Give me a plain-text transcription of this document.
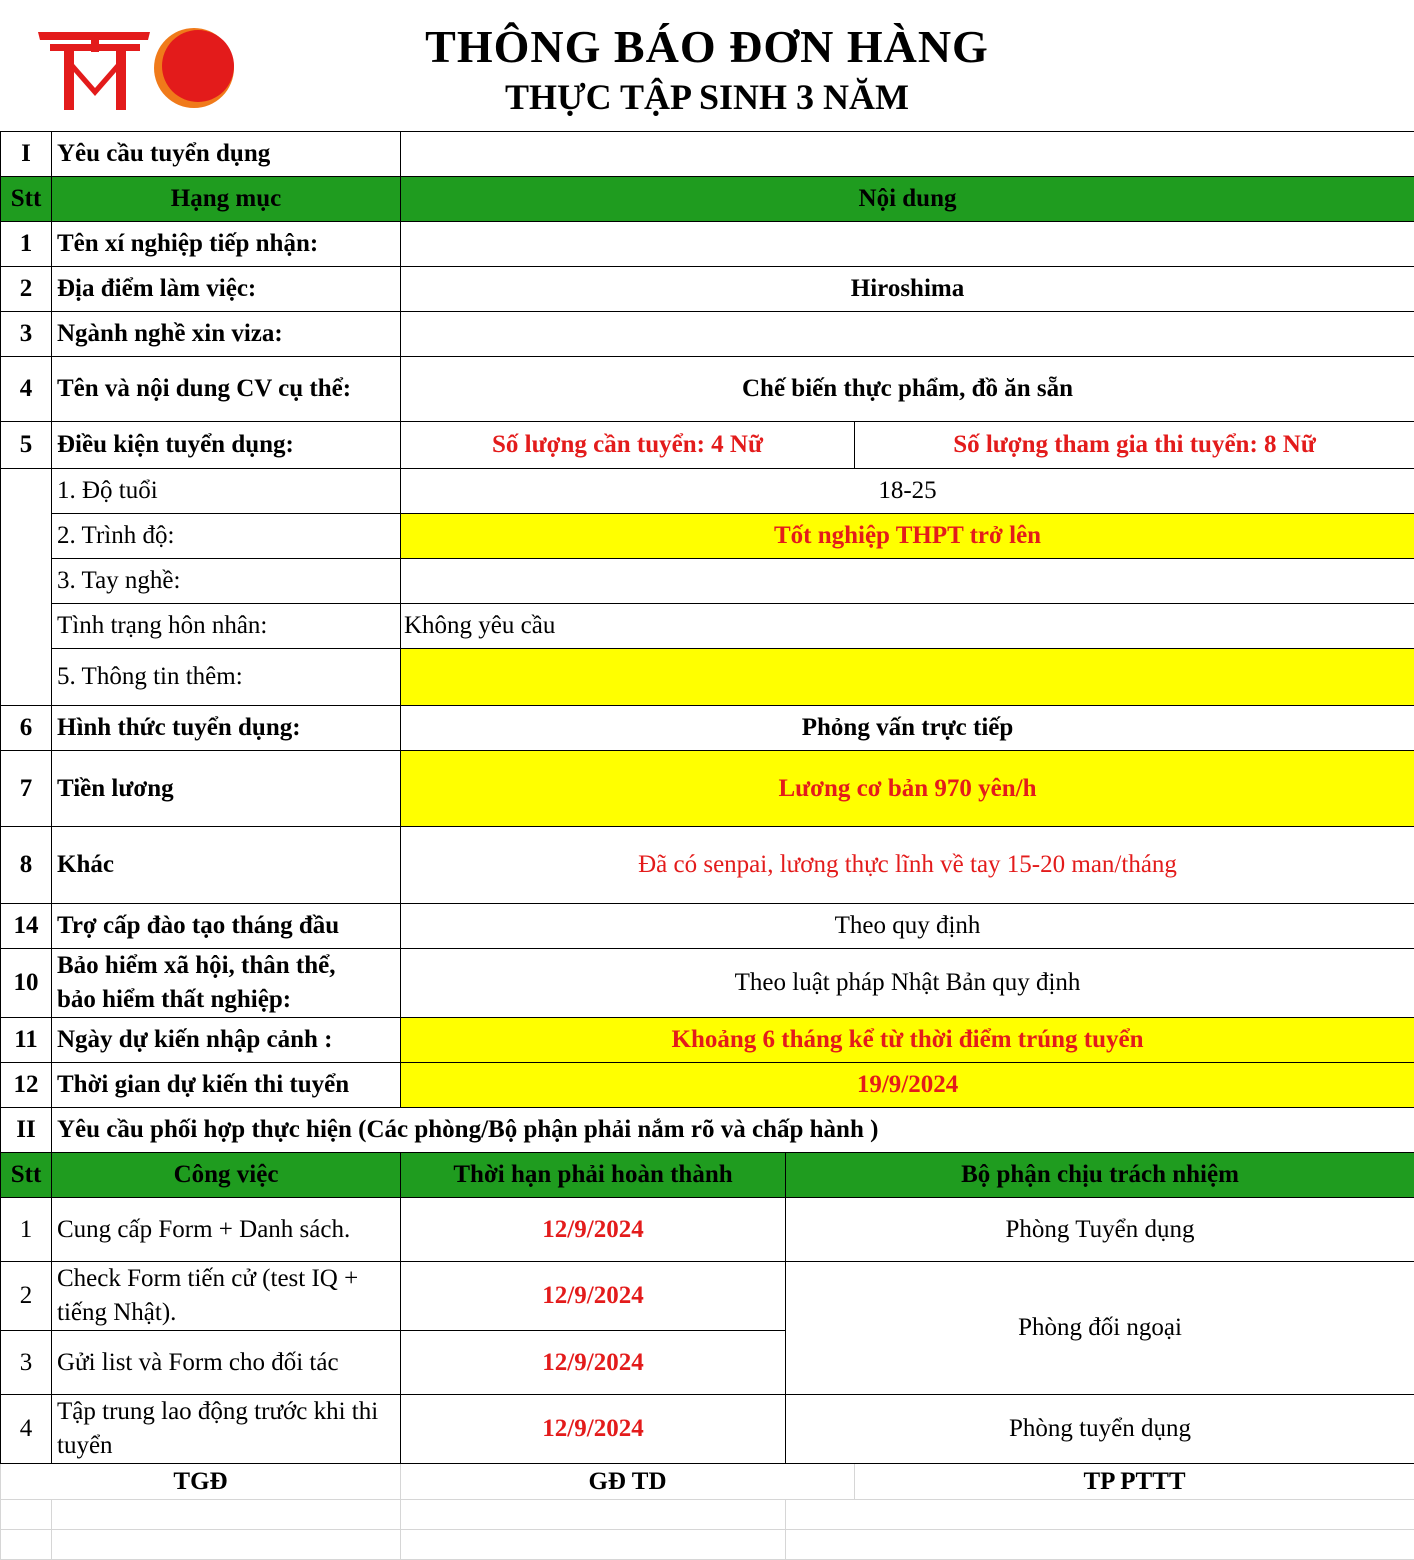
THÔNG BÁO ĐƠN HÀNG
THỰC TẬP SINH 3 NĂM
I	Yêu cầu tuyển dụng			
Stt	Hạng mục	Nội dung		
1	Tên xí nghiệp tiếp nhận:			
2	Địa điểm làm việc:	Hiroshima		
3	Ngành nghề xin viza:			
4	Tên và nội dung CV cụ thể:	Chế biến thực phẩm, đồ ăn sẵn		
5	Điều kiện tuyển dụng:	Số lượng cần tuyển: 4 Nữ		Số lượng tham gia thi tuyển: 8 Nữ
	1. Độ tuổi	18-25		
	2. Trình độ:	Tốt nghiệp THPT trở lên		
	3. Tay nghề:			
	Tình trạng hôn nhân:	Không yêu cầu		
	5. Thông tin thêm:			
6	Hình thức tuyển dụng:	Phỏng vấn trực tiếp		
7	Tiền lương	Lương cơ bản 970 yên/h		
8	Khác	Đã có senpai, lương thực lĩnh về tay 15-20 man/tháng		
14	Trợ cấp đào tạo tháng đầu	Theo quy định		
10	Bảo hiểm xã hội, thân thể,
bảo hiểm thất nghiệp:	Theo luật pháp Nhật Bản quy định		
11	Ngày dự kiến nhập cảnh :	Khoảng 6 tháng kể từ thời điểm trúng tuyển		
12	Thời gian dự kiến thi tuyển	19/9/2024		
II	Yêu cầu phối hợp thực hiện (Các phòng/Bộ phận phải nắm rõ và chấp hành )			
Stt	Công việc	Thời hạn phải hoàn thành	Bộ phận chịu trách nhiệm	
1	Cung cấp Form + Danh sách.	12/9/2024	Phòng Tuyển dụng	
2	Check Form tiến cử (test IQ + tiếng Nhật).	12/9/2024	Phòng đối ngoại	
3	Gửi list và Form cho đối tác	12/9/2024		
4	Tập trung lao động trước khi thi tuyển	12/9/2024	Phòng tuyển dụng	
TGĐ		GĐ TD		TP PTTT
